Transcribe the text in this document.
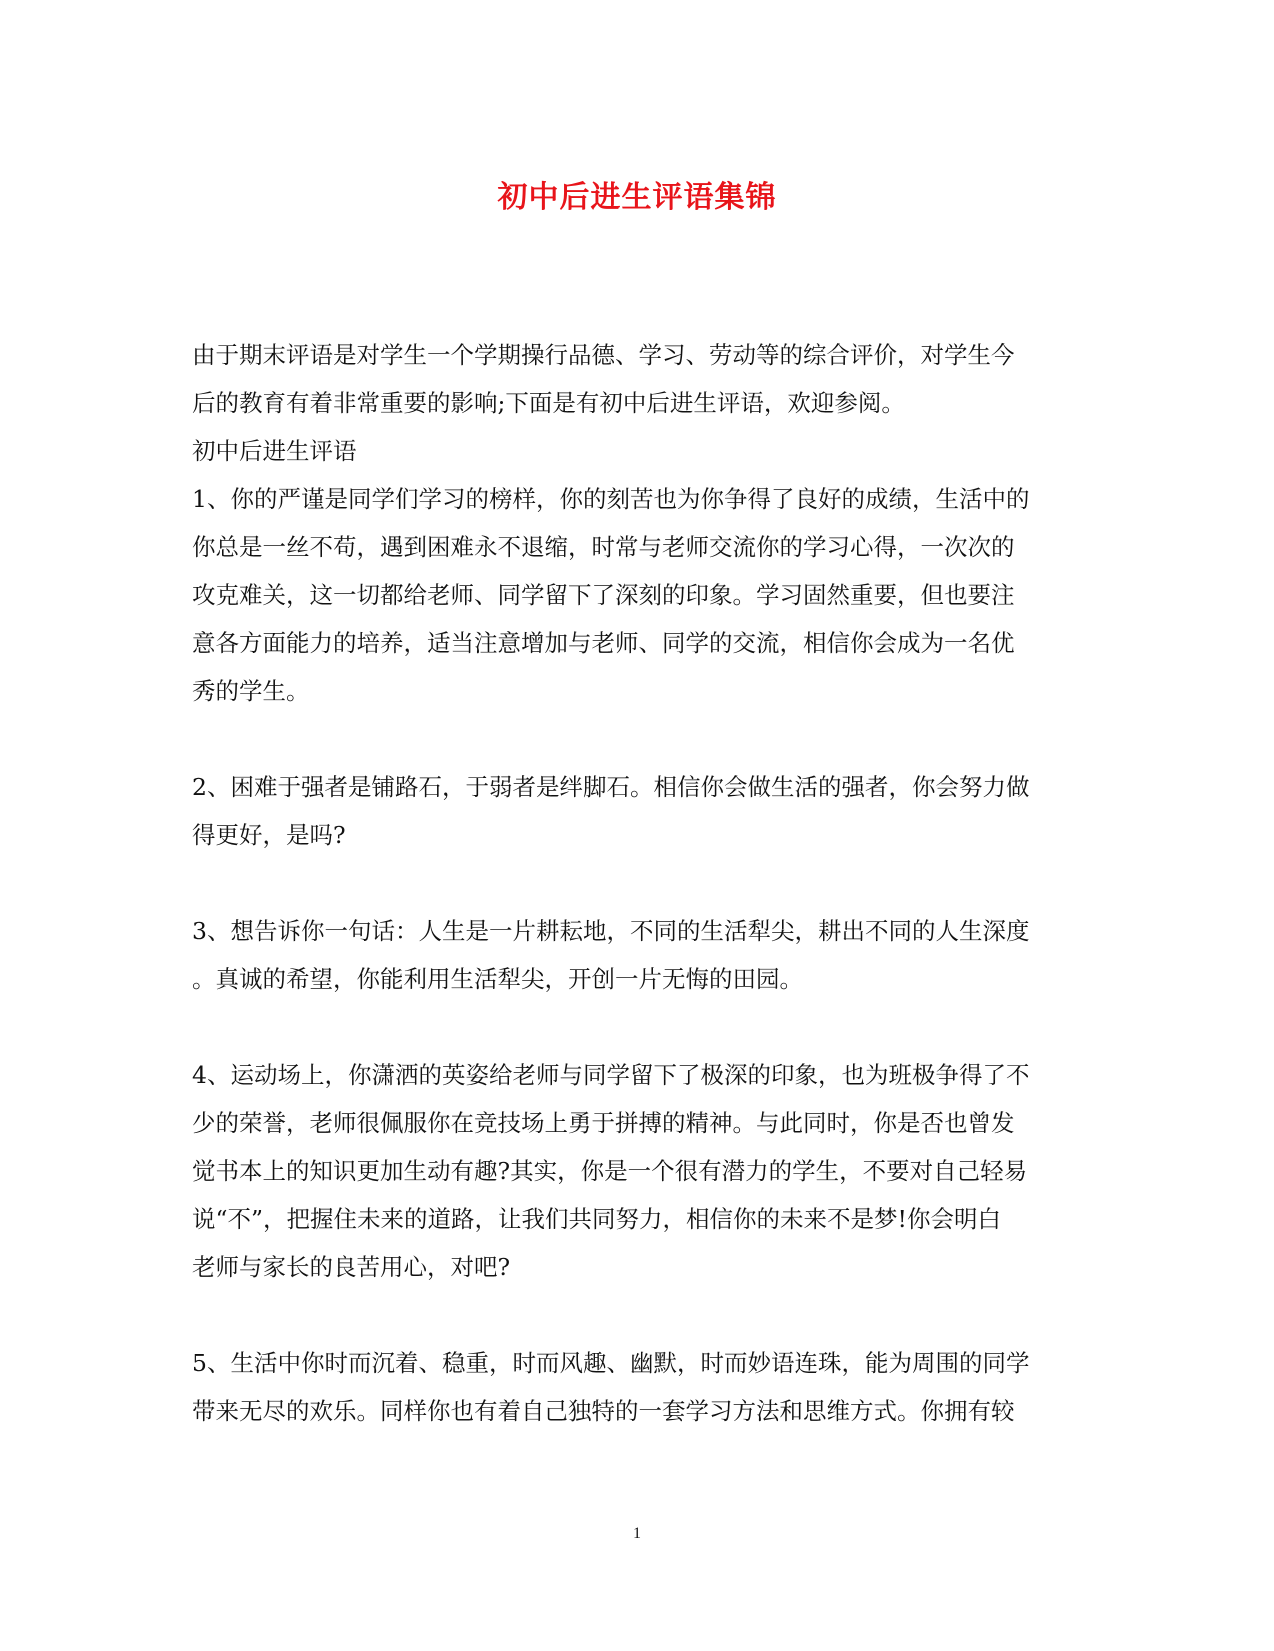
初中后进生评语集锦

由于期末评语是对学生一个学期操行品德、学习、劳动等的综合评价，对学生今

后的教育有着非常重要的影响;下面是有初中后进生评语，欢迎参阅。

初中后进生评语

1、你的严谨是同学们学习的榜样，你的刻苦也为你争得了良好的成绩，生活中的

你总是一丝不苟，遇到困难永不退缩，时常与老师交流你的学习心得，一次次的

攻克难关，这一切都给老师、同学留下了深刻的印象。学习固然重要，但也要注

意各方面能力的培养，适当注意增加与老师、同学的交流，相信你会成为一名优

秀的学生。

2、困难于强者是铺路石，于弱者是绊脚石。相信你会做生活的强者，你会努力做

得更好，是吗?

3、想告诉你一句话：人生是一片耕耘地，不同的生活犁尖，耕出不同的人生深度

。真诚的希望，你能利用生活犁尖，开创一片无悔的田园。

4、运动场上，你潇洒的英姿给老师与同学留下了极深的印象，也为班极争得了不

少的荣誉，老师很佩服你在竞技场上勇于拼搏的精神。与此同时，你是否也曾发

觉书本上的知识更加生动有趣?其实，你是一个很有潜力的学生，不要对自己轻易

说“不”，把握住未来的道路，让我们共同努力，相信你的未来不是梦!你会明白

老师与家长的良苦用心，对吧?

5、生活中你时而沉着、稳重，时而风趣、幽默，时而妙语连珠，能为周围的同学

带来无尽的欢乐。同样你也有着自己独特的一套学习方法和思维方式。你拥有较

1
